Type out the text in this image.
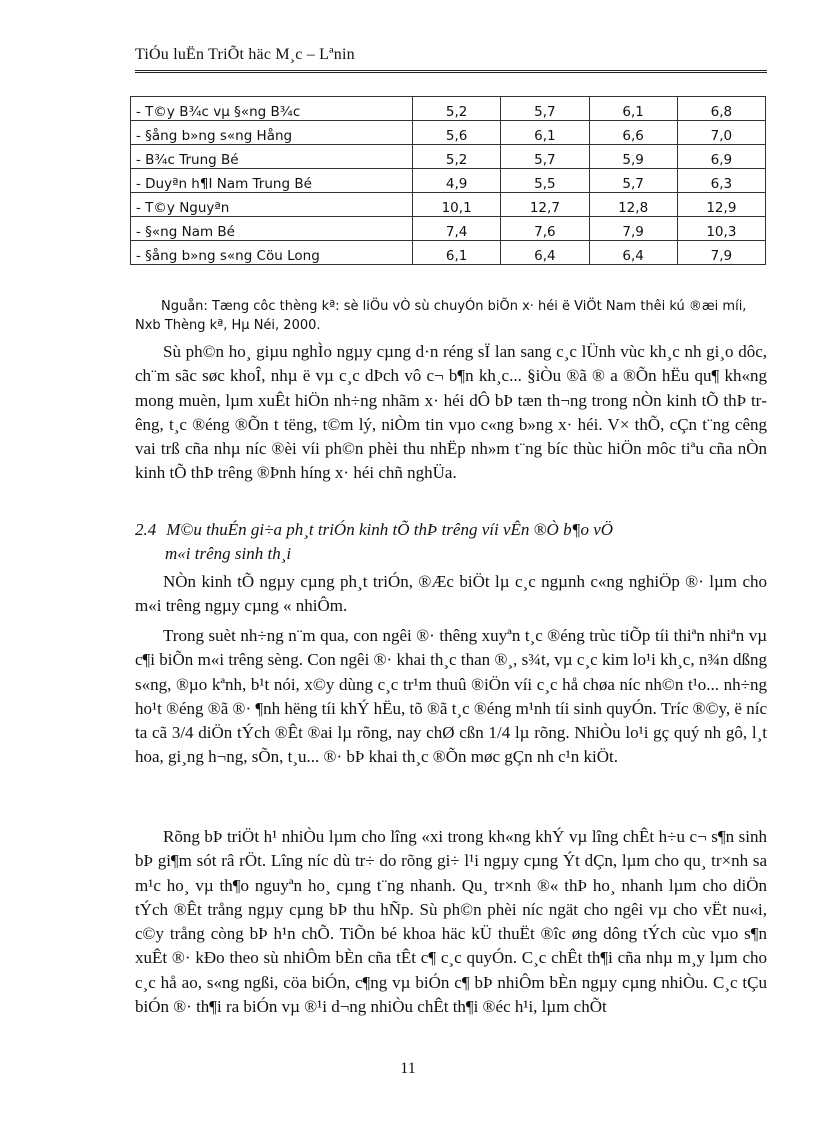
TiÓu luËn TriÕt häc M¸c – Lªnin
- T©y B¾c vµ §«ng B¾c	5,2	5,7	6,1	6,8
- §ång b»ng s«ng Hång	5,6	6,1	6,6	7,0
- B¾c Trung Bé	5,2	5,7	5,9	6,9
- Duyªn h¶I Nam Trung Bé	4,9	5,5	5,7	6,3
- T©y Nguyªn	10,1	12,7	12,8	12,9
- §«ng Nam Bé	7,4	7,6	7,9	10,3
- §ång b»ng s«ng Cöu Long	6,1	6,4	6,4	7,9
Nguån: Tæng côc thèng kª: sè liÖu vÒ sù chuyÓn biÕn x· héi ë ViÖt Nam thêi kú ®æi míi, Nxb Thèng kª, Hµ Néi, 2000.

Sù ph©n ho¸ giµu nghÌo ngµy cµng d·n réng sÏ lan sang c¸c lÜnh vùc kh¸c nh gi¸o dôc, ch¨m sãc søc khoÎ, nhµ ë vµ c¸c dÞch vô c¬ b¶n kh¸c... §iÒu ®ã ® a ®Õn hËu qu¶ kh«ng mong muèn, lµm xuÊt hiÖn nh÷ng nhãm x· héi dÔ bÞ tæn th¬ng trong nÒn kinh tÕ thÞ trêng, t¸c ®éng ®Õn t tëng, t©m lý, niÒm tin vµo c«ng b»ng x· héi. V× thÕ, cÇn t¨ng cêng vai trß cña nhµ níc ®èi víi ph©n phèi thu nhËp nh»m t¨ng bíc thùc hiÖn môc tiªu cña nÒn kinh tÕ thÞ trêng ®Þnh híng x· héi chñ nghÜa.

2.4 M©u thuÉn gi÷a ph¸t triÓn kinh tÕ thÞ trêng víi vÊn ®Ò b¶o vÖ
m«i trêng sinh th¸i

NÒn kinh tÕ ngµy cµng ph¸t triÓn, ®Æc biÖt lµ c¸c ngµnh c«ng nghiÖp ®· lµm cho m«i trêng ngµy cµng « nhiÔm.

Trong suèt nh÷ng n¨m qua, con ngêi ®· thêng xuyªn t¸c ®éng trùc tiÕp tíi thiªn nhiªn vµ c¶i biÕn m«i trêng sèng. Con ngêi ®· khai th¸c than ®¸, s¾t, vµ c¸c kim lo¹i kh¸c, n¾n dßng s«ng, ®µo kªnh, b¹t nói, x©y dùng c¸c tr¹m thuû ®iÖn víi c¸c hå chøa níc nh©n t¹o... nh÷ng ho¹t ®éng ®ã ®· ¶nh hëng tíi khÝ hËu, tõ ®ã t¸c ®éng m¹nh tíi sinh quyÓn. Tríc ®©y, ë níc ta cã 3/4 diÖn tÝch ®Êt ®ai lµ rõng, nay chØ cßn 1/4 lµ rõng. NhiÒu lo¹i gç quý nh gô, l¸t hoa, gi¸ng h¬ng, sÕn, t¸u... ®· bÞ khai th¸c ®Õn møc gÇn nh c¹n kiÖt.

Rõng bÞ triÖt h¹ nhiÒu lµm cho lîng «xi trong kh«ng khÝ vµ lîng chÊt h÷u c¬ s¶n sinh bÞ gi¶m sót râ rÖt. Lîng níc dù tr÷ do rõng gi÷ l¹i ngµy cµng Ýt dÇn, lµm cho qu¸ tr×nh sa m¹c ho¸ vµ th¶o nguyªn ho¸ cµng t¨ng nhanh. Qu¸ tr×nh ®« thÞ ho¸ nhanh lµm cho diÖn tÝch ®Êt trång ngµy cµng bÞ thu hÑp. Sù ph©n phèi níc ngät cho ngêi vµ cho vËt nu«i, c©y trång còng bÞ h¹n chÕ. TiÕn bé khoa häc kÜ thuËt ®îc øng dông tÝch cùc vµo s¶n xuÊt ®· kÐo theo sù nhiÔm bÈn cña tÊt c¶ c¸c quyÓn. C¸c chÊt th¶i cña nhµ m¸y lµm cho c¸c hå ao, s«ng ngßi, cöa biÓn, c¶ng vµ biÓn c¶ bÞ nhiÔm bÈn ngµy cµng nhiÒu. C¸c tÇu biÓn ®· th¶i ra biÓn vµ ®¹i d¬ng nhiÒu chÊt th¶i ®éc h¹i, lµm chÕt

11
